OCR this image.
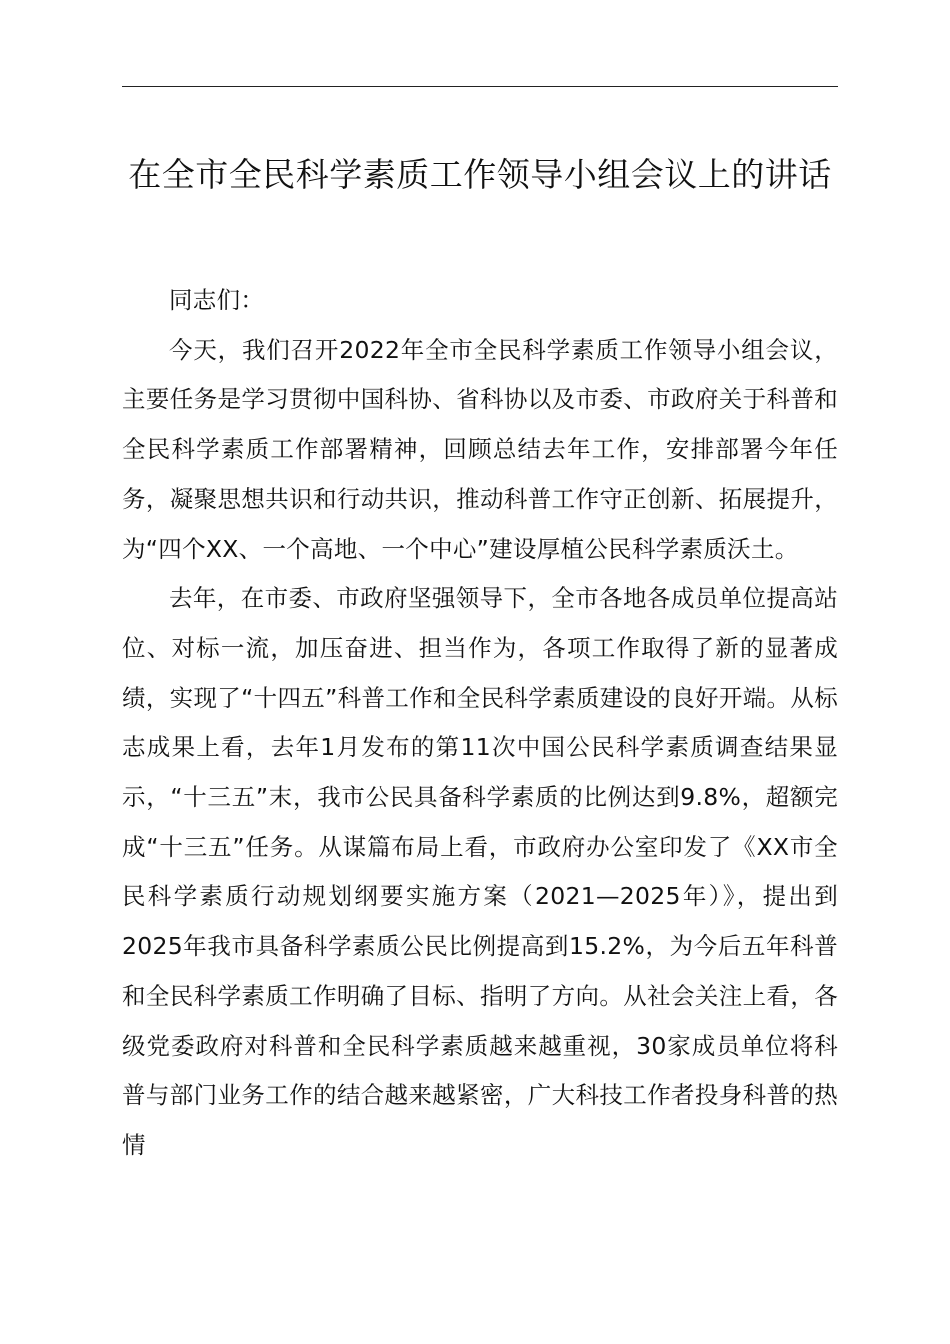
在全市全民科学素质工作领导小组会议上的讲话

同志们：

今天，我们召开2022年全市全民科学素质工作领导小组会议，主要任务是学习贯彻中国科协、省科协以及市委、市政府关于科普和全民科学素质工作部署精神，回顾总结去年工作，安排部署今年任务，凝聚思想共识和行动共识，推动科普工作守正创新、拓展提升，为“四个XX、一个高地、一个中心”建设厚植公民科学素质沃土。

去年，在市委、市政府坚强领导下，全市各地各成员单位提高站位、对标一流，加压奋进、担当作为，各项工作取得了新的显著成绩，实现了“十四五”科普工作和全民科学素质建设的良好开端。从标志成果上看，去年1月发布的第11次中国公民科学素质调查结果显示，“十三五”末，我市公民具备科学素质的比例达到9.8%，超额完成“十三五”任务。从谋篇布局上看，市政府办公室印发了《XX市全民科学素质行动规划纲要实施方案（2021—2025年）》，提出到2025年我市具备科学素质公民比例提高到15.2%，为今后五年科普和全民科学素质工作明确了目标、指明了方向。从社会关注上看，各级党委政府对科普和全民科学素质越来越重视，30家成员单位将科普与部门业务工作的结合越来越紧密，广大科技工作者投身科普的热情
